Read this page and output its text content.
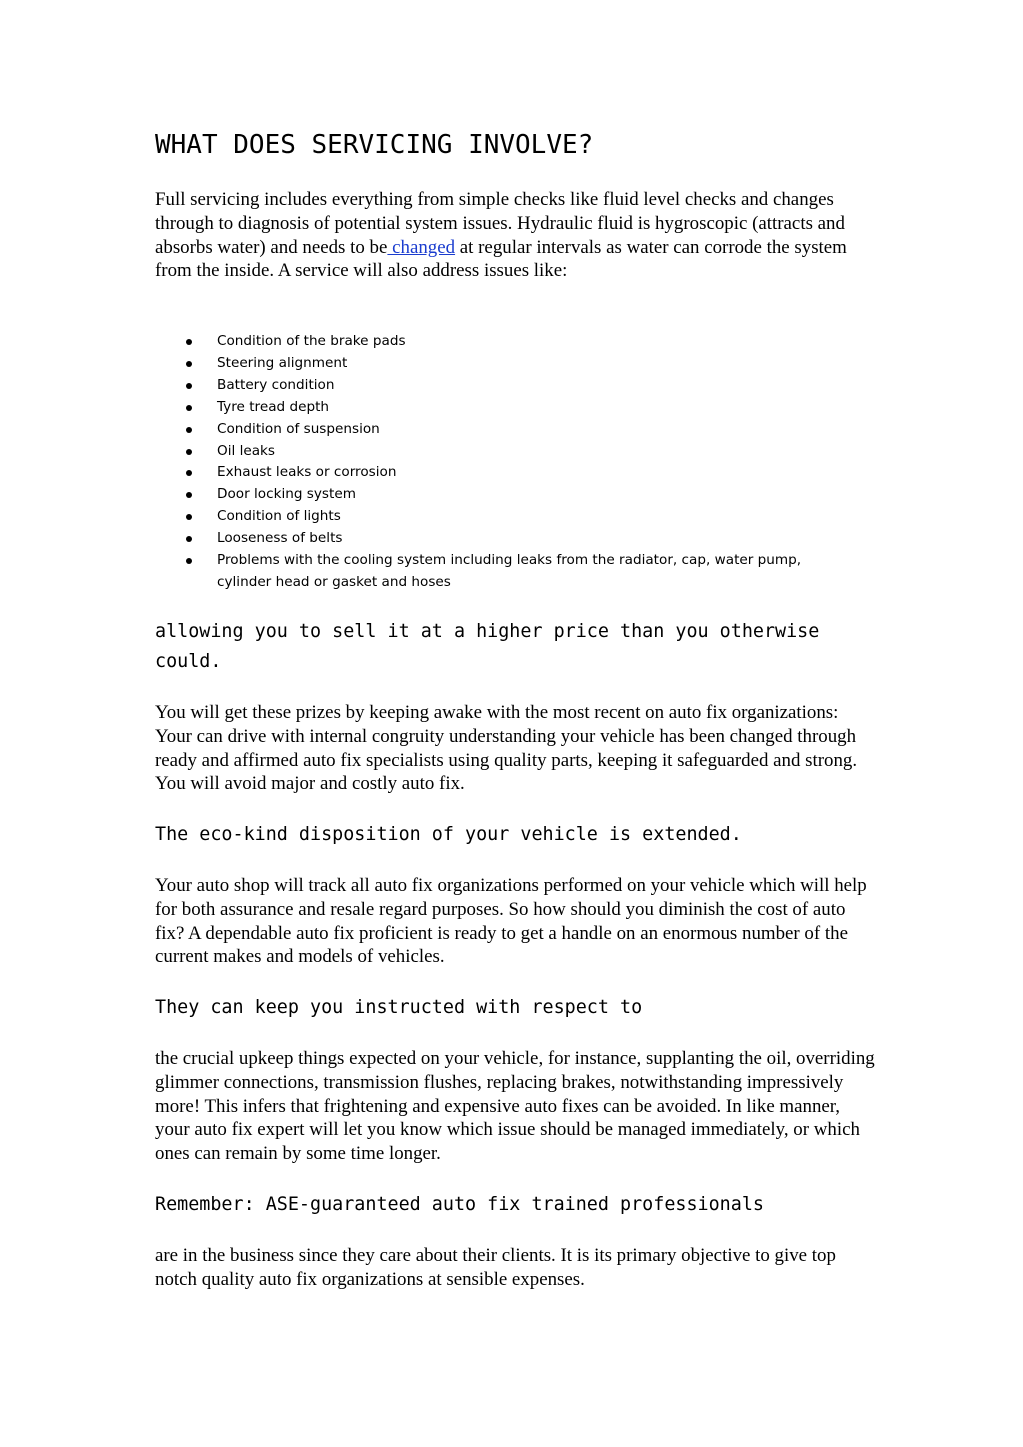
WHAT DOES SERVICING INVOLVE?

Full servicing includes everything from simple checks like fluid level checks and changes through to diagnosis of potential system issues. Hydraulic fluid is hygroscopic (attracts and absorbs water) and needs to be changed at regular intervals as water can corrode the system from the inside. A service will also address issues like:

Condition of the brake pads
Steering alignment
Battery condition
Tyre tread depth
Condition of suspension
Oil leaks
Exhaust leaks or corrosion
Door locking system
Condition of lights
Looseness of belts
Problems with the cooling system including leaks from the radiator, cap, water pump, cylinder head or gasket and hoses
allowing you to sell it at a higher price than you otherwise could.

You will get these prizes by keeping awake with the most recent on auto fix organizations: Your can drive with internal congruity understanding your vehicle has been changed through ready and affirmed auto fix specialists using quality parts, keeping it safeguarded and strong. You will avoid major and costly auto fix.

The eco-kind disposition of your vehicle is extended.

Your auto shop will track all auto fix organizations performed on your vehicle which will help for both assurance and resale regard purposes. So how should you diminish the cost of auto fix? A dependable auto fix proficient is ready to get a handle on an enormous number of the current makes and models of vehicles.

They can keep you instructed with respect to

the crucial upkeep things expected on your vehicle, for instance, supplanting the oil, overriding glimmer connections, transmission flushes, replacing brakes, notwithstanding impressively more! This infers that frightening and expensive auto fixes can be avoided. In like manner, your auto fix expert will let you know which issue should be managed immediately, or which ones can remain by some time longer.

Remember: ASE-guaranteed auto fix trained professionals

are in the business since they care about their clients. It is its primary objective to give top notch quality auto fix organizations at sensible expenses.
